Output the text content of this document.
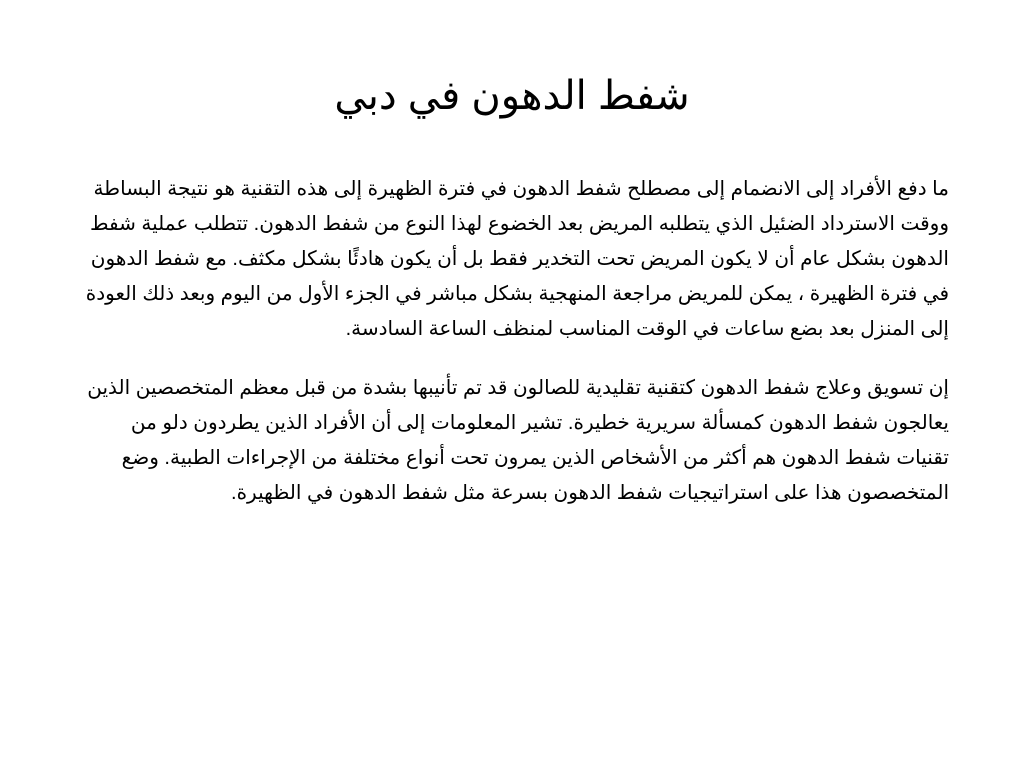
شفط الدهون في دبي

ما دفع الأفراد إلى الانضمام إلى مصطلح شفط الدهون في فترة الظهيرة إلى هذه التقنية هو نتيجة البساطة ووقت الاسترداد الضئيل الذي يتطلبه المريض بعد الخضوع لهذا النوع من شفط الدهون. تتطلب عملية شفط الدهون بشكل عام أن لا يكون المريض تحت التخدير فقط بل أن يكون هادئًا بشكل مكثف. مع شفط الدهون في فترة الظهيرة ، يمكن للمريض مراجعة المنهجية بشكل مباشر في الجزء الأول من اليوم وبعد ذلك العودة إلى المنزل بعد بضع ساعات في الوقت المناسب لمنظف الساعة السادسة.

إن تسويق وعلاج شفط الدهون كتقنية تقليدية للصالون قد تم تأنيبها بشدة من قبل معظم المتخصصين الذين يعالجون شفط الدهون كمسألة سريرية خطيرة. تشير المعلومات إلى أن الأفراد الذين يطردون دلو من تقنيات شفط الدهون هم أكثر من الأشخاص الذين يمرون تحت أنواع مختلفة من الإجراءات الطبية. وضع المتخصصون هذا على استراتيجيات شفط الدهون بسرعة مثل شفط الدهون في الظهيرة.
